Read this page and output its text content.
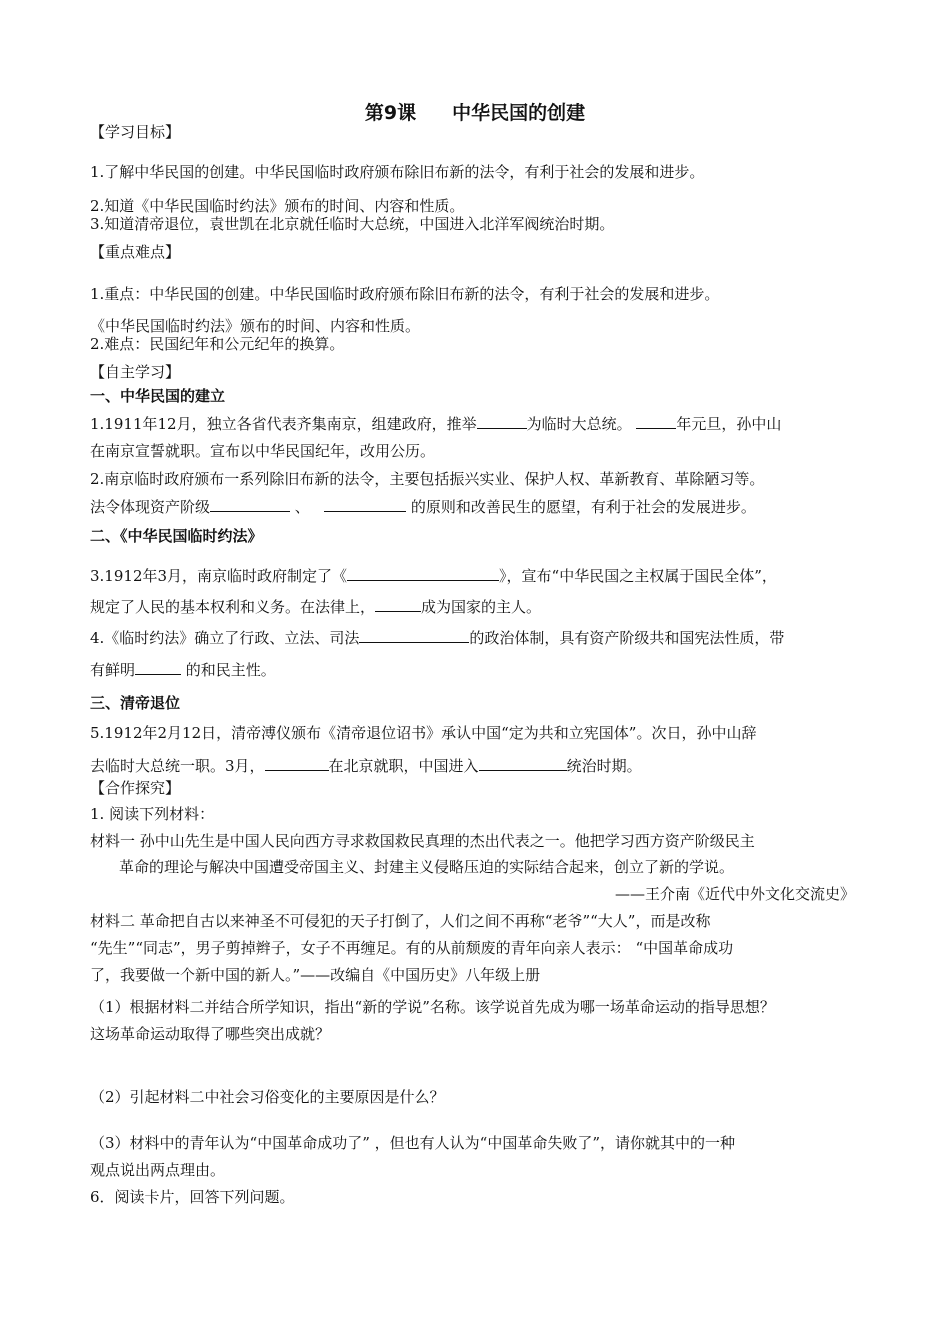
第9课 中华民国的创建
【学习目标】
1.了解中华民国的创建。中华民国临时政府颁布除旧布新的法令，有利于社会的发展和进步。
2.知道《中华民国临时约法》颁布的时间、内容和性质。
3.知道清帝退位，袁世凯在北京就任临时大总统，中国进入北洋军阀统治时期。
【重点难点】
1.重点：中华民国的创建。中华民国临时政府颁布除旧布新的法令，有利于社会的发展和进步。
《中华民国临时约法》颁布的时间、内容和性质。
2.难点：民国纪年和公元纪年的换算。
【自主学习】
一、中华民国的建立
1.1911年12月，独立各省代表齐集南京，组建政府，推举	为临时大总统。	年元旦，孙中山
在南京宣誓就职。宣布以中华民国纪年，改用公历。
2.南京临时政府颁布一系列除旧布新的法令，主要包括振兴实业、保护人权、革新教育、革除陋习等。
法令体现资产阶级	、	的原则和改善民生的愿望，有利于社会的发展进步。
二、《中华民国临时约法》
3.1912年3月，南京临时政府制定了《	》，宣布“中华民国之主权属于国民全体”，
规定了人民的基本权利和义务。在法律上，	成为国家的主人。
4.《临时约法》确立了行政、立法、司法	的政治体制，具有资产阶级共和国宪法性质，带
有鲜明	的和民主性。
三、清帝退位
5.1912年2月12日，清帝溥仪颁布《清帝退位诏书》承认中国“定为共和立宪国体”。次日，孙中山辞
去临时大总统一职。3月，	在北京就职，中国进入	统治时期。
【合作探究】
1. 阅读下列材料：
材料一 孙中山先生是中国人民向西方寻求救国救民真理的杰出代表之一。他把学习西方资产阶级民主
革命的理论与解决中国遭受帝国主义、封建主义侵略压迫的实际结合起来，创立了新的学说。
——王介南《近代中外文化交流史》
材料二 革命把自古以来神圣不可侵犯的天子打倒了，人们之间不再称“老爷”“大人”，而是改称
“先生”“同志”，男子剪掉辫子，女子不再缠足。有的从前颓废的青年向亲人表示： “中国革命成功
了，我要做一个新中国的新人。”——改编自《中国历史》八年级上册
（1）根据材料二并结合所学知识，指出“新的学说”名称。该学说首先成为哪一场革命运动的指导思想？
这场革命运动取得了哪些突出成就？
（2）引起材料二中社会习俗变化的主要原因是什么？
（3）材料中的青年认为“中国革命成功了” ，但也有人认为“中国革命失败了”，请你就其中的一种
观点说出两点理由。
6．阅读卡片，回答下列问题。
